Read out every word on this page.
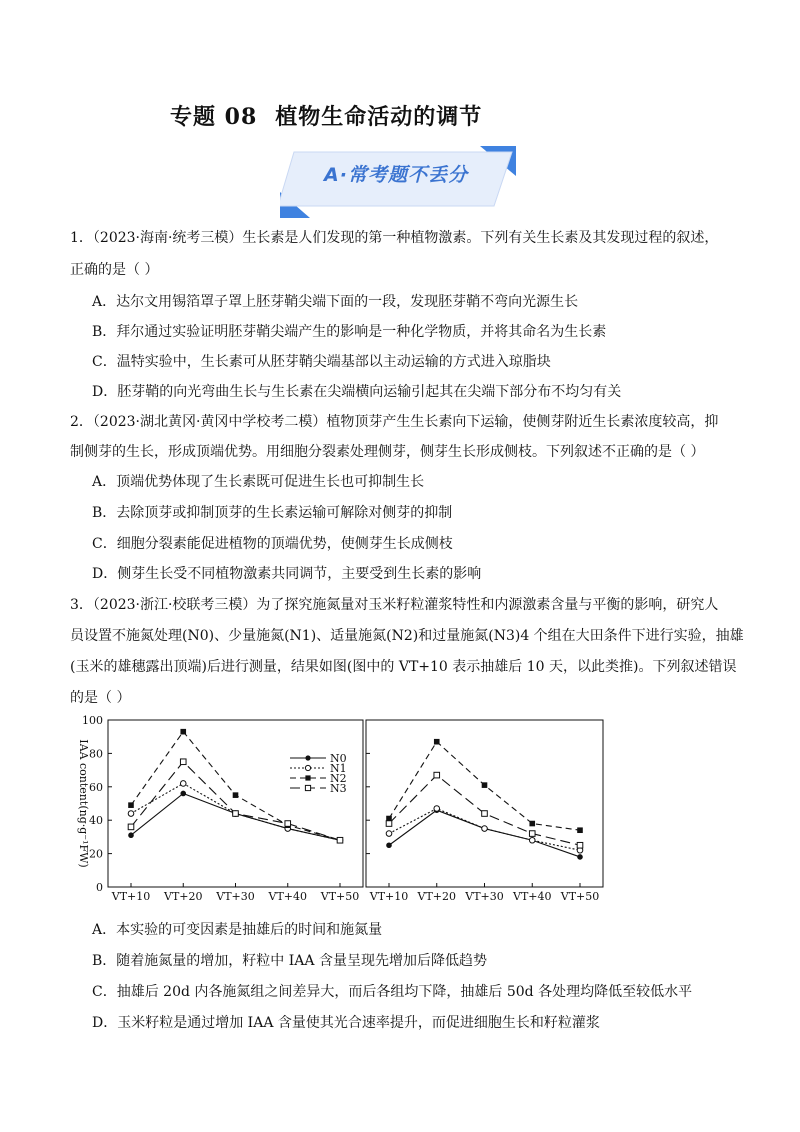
专题 08 植物生命活动的调节
A·常考题不丢分
1．（2023·海南·统考三模）生长素是人们发现的第一种植物激素。下列有关生长素及其发现过程的叙述，
正确的是（ ）
A．达尔文用锡箔罩子罩上胚芽鞘尖端下面的一段，发现胚芽鞘不弯向光源生长
B．拜尔通过实验证明胚芽鞘尖端产生的影响是一种化学物质，并将其命名为生长素
C．温特实验中，生长素可从胚芽鞘尖端基部以主动运输的方式进入琼脂块
D．胚芽鞘的向光弯曲生长与生长素在尖端横向运输引起其在尖端下部分布不均匀有关
2．（2023·湖北黄冈·黄冈中学校考二模）植物顶芽产生生长素向下运输，使侧芽附近生长素浓度较高，抑
制侧芽的生长，形成顶端优势。用细胞分裂素处理侧芽，侧芽生长形成侧枝。下列叙述不正确的是（ ）
A．顶端优势体现了生长素既可促进生长也可抑制生长
B．去除顶芽或抑制顶芽的生长素运输可解除对侧芽的抑制
C．细胞分裂素能促进植物的顶端优势，使侧芽生长成侧枝
D．侧芽生长受不同植物激素共同调节，主要受到生长素的影响
3．（2023·浙江·校联考三模）为了探究施氮量对玉米籽粒灌浆特性和内源激素含量与平衡的影响，研究人
员设置不施氮处理(N0)、少量施氮(N1)、适量施氮(N2)和过量施氮(N3)4 个组在大田条件下进行实验，抽雄
(玉米的雄穗露出顶端)后进行测量，结果如图(图中的 VT+10 表示抽雄后 10 天，以此类推)。下列叙述错误
的是（ ）
VT+10 VT+20 VT+30 VT+40 VT+50
0
20
40
60
80
100
VT+10 VT+20 VT+30 VT+40 VT+50
IAA content(ng·g⁻¹FW)	N0
N1
N2
N3
A．本实验的可变因素是抽雄后的时间和施氮量
B．随着施氮量的增加，籽粒中 IAA 含量呈现先增加后降低趋势
C．抽雄后 20d 内各施氮组之间差异大，而后各组均下降，抽雄后 50d 各处理均降低至较低水平
D．玉米籽粒是通过增加 IAA 含量使其光合速率提升，而促进细胞生长和籽粒灌浆
